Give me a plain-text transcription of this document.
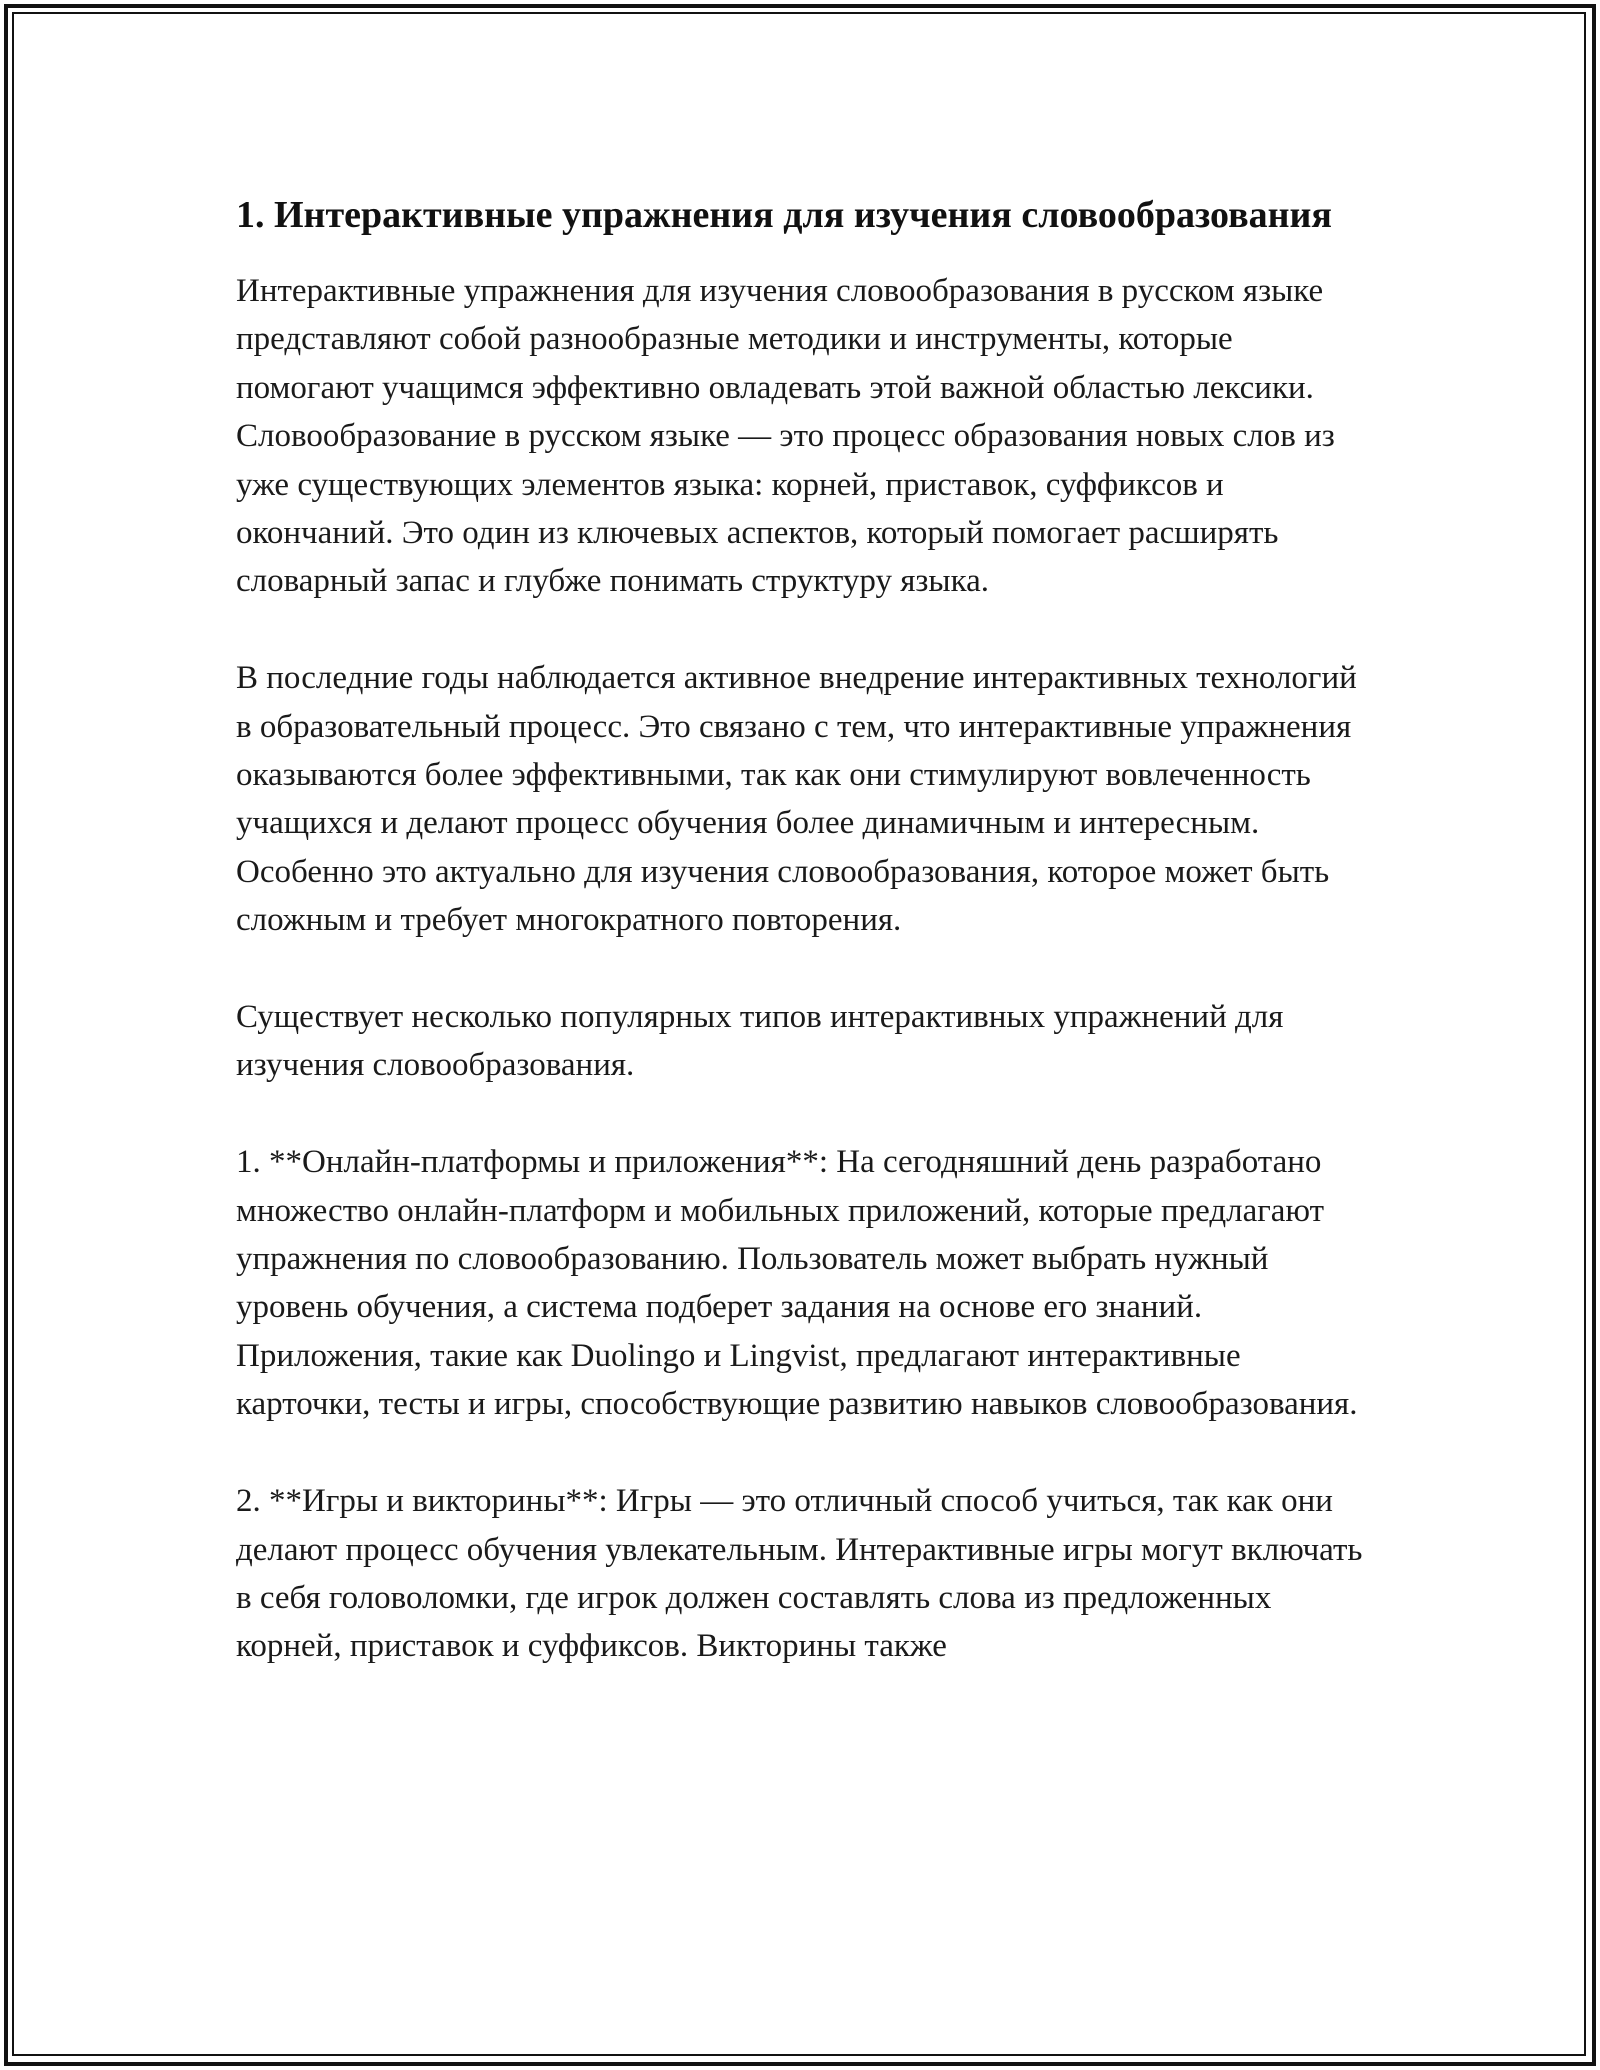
1. Интерактивные упражнения для изучения словообразования

Интерактивные упражнения для изучения словообразования в русском языке представляют собой разнообразные методики и инструменты, которые помогают учащимся эффективно овладевать этой важной областью лексики. Словообразование в русском языке — это процесс образования новых слов из уже существующих элементов языка: корней, приставок, суффиксов и окончаний. Это один из ключевых аспектов, который помогает расширять словарный запас и глубже понимать структуру языка.

В последние годы наблюдается активное внедрение интерактивных технологий в образовательный процесс. Это связано с тем, что интерактивные упражнения оказываются более эффективными, так как они стимулируют вовлеченность учащихся и делают процесс обучения более динамичным и интересным. Особенно это актуально для изучения словообразования, которое может быть сложным и требует многократного повторения.

Существует несколько популярных типов интерактивных упражнений для изучения словообразования.

1. **Онлайн-платформы и приложения**: На сегодняшний день разработано множество онлайн-платформ и мобильных приложений, которые предлагают упражнения по словообразованию. Пользователь может выбрать нужный уровень обучения, а система подберет задания на основе его знаний. Приложения, такие как Duolingo и Lingvist, предлагают интерактивные карточки, тесты и игры, способствующие развитию навыков словообразования.

2. **Игры и викторины**: Игры — это отличный способ учиться, так как они делают процесс обучения увлекательным. Интерактивные игры могут включать в себя головоломки, где игрок должен составлять слова из предложенных корней, приставок и суффиксов. Викторины также
